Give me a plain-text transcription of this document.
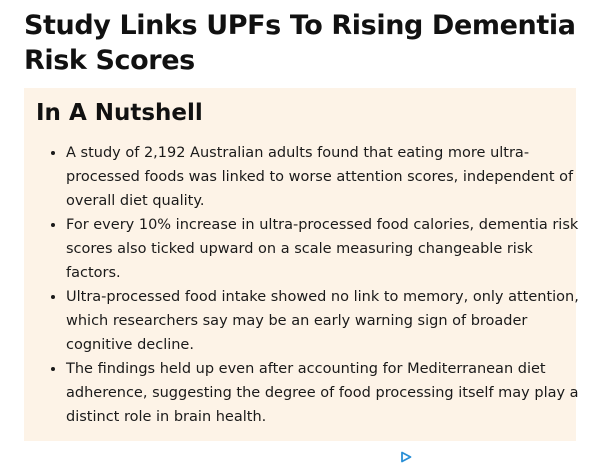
Study Links UPFs To Rising Dementia Risk Scores
In A Nutshell
• A study of 2,192 Australian adults found that eating more ultra-processed foods was linked to worse attention scores, independent of overall diet quality.
• For every 10% increase in ultra-processed food calories, dementia risk scores also ticked upward on a scale measuring changeable risk factors.
• Ultra-processed food intake showed no link to memory, only attention, which researchers say may be an early warning sign of broader cognitive decline.
• The findings held up even after accounting for Mediterranean diet adherence, suggesting the degree of food processing itself may play a distinct role in brain health.
